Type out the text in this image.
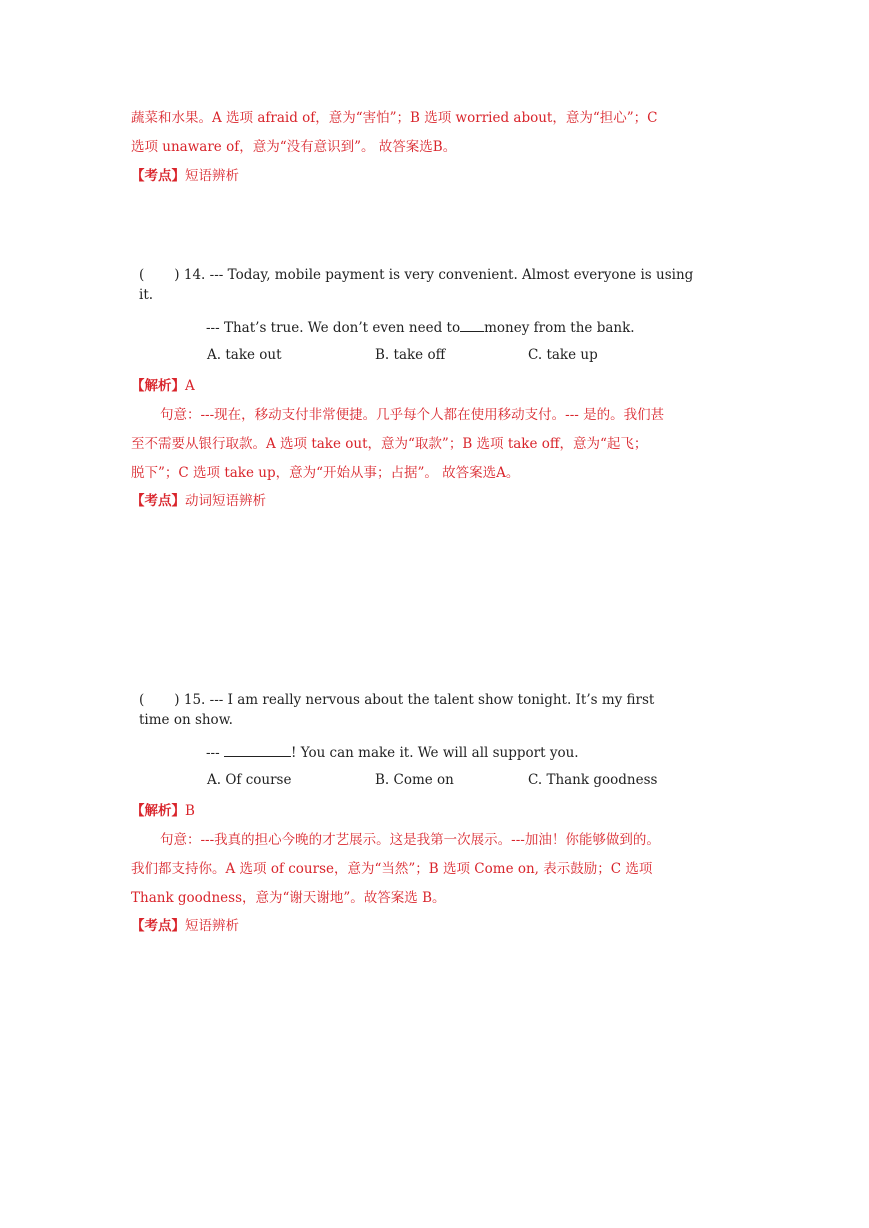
蔬菜和水果。A 选项 afraid of，意为“害怕”；B 选项 worried about，意为“担心”；C
选项 unaware of，意为“没有意识到”。 故答案选B。
【考点】短语辨析
( ) 14. --- Today, mobile payment is very convenient. Almost everyone is using
it.
--- That’s true. We don’t even need to money from the bank.
A. take out	B. take off	C. take up
【解析】A
句意：---现在，移动支付非常便捷。几乎每个人都在使用移动支付。--- 是的。我们甚
至不需要从银行取款。A 选项 take out，意为“取款”；B 选项 take off，意为“起飞；
脱下”；C 选项 take up，意为“开始从事；占据”。 故答案选A。
【考点】动词短语辨析
( ) 15. --- I am really nervous about the talent show tonight. It’s my first
time on show.
---	! You can make it. We will all support you.
A. Of course	B. Come on	C. Thank goodness
【解析】B
句意：---我真的担心今晚的才艺展示。这是我第一次展示。---加油！你能够做到的。
我们都支持你。A 选项 of course，意为“当然”；B 选项 Come on, 表示鼓励；C 选项
Thank goodness，意为“谢天谢地”。故答案选 B。
【考点】短语辨析
